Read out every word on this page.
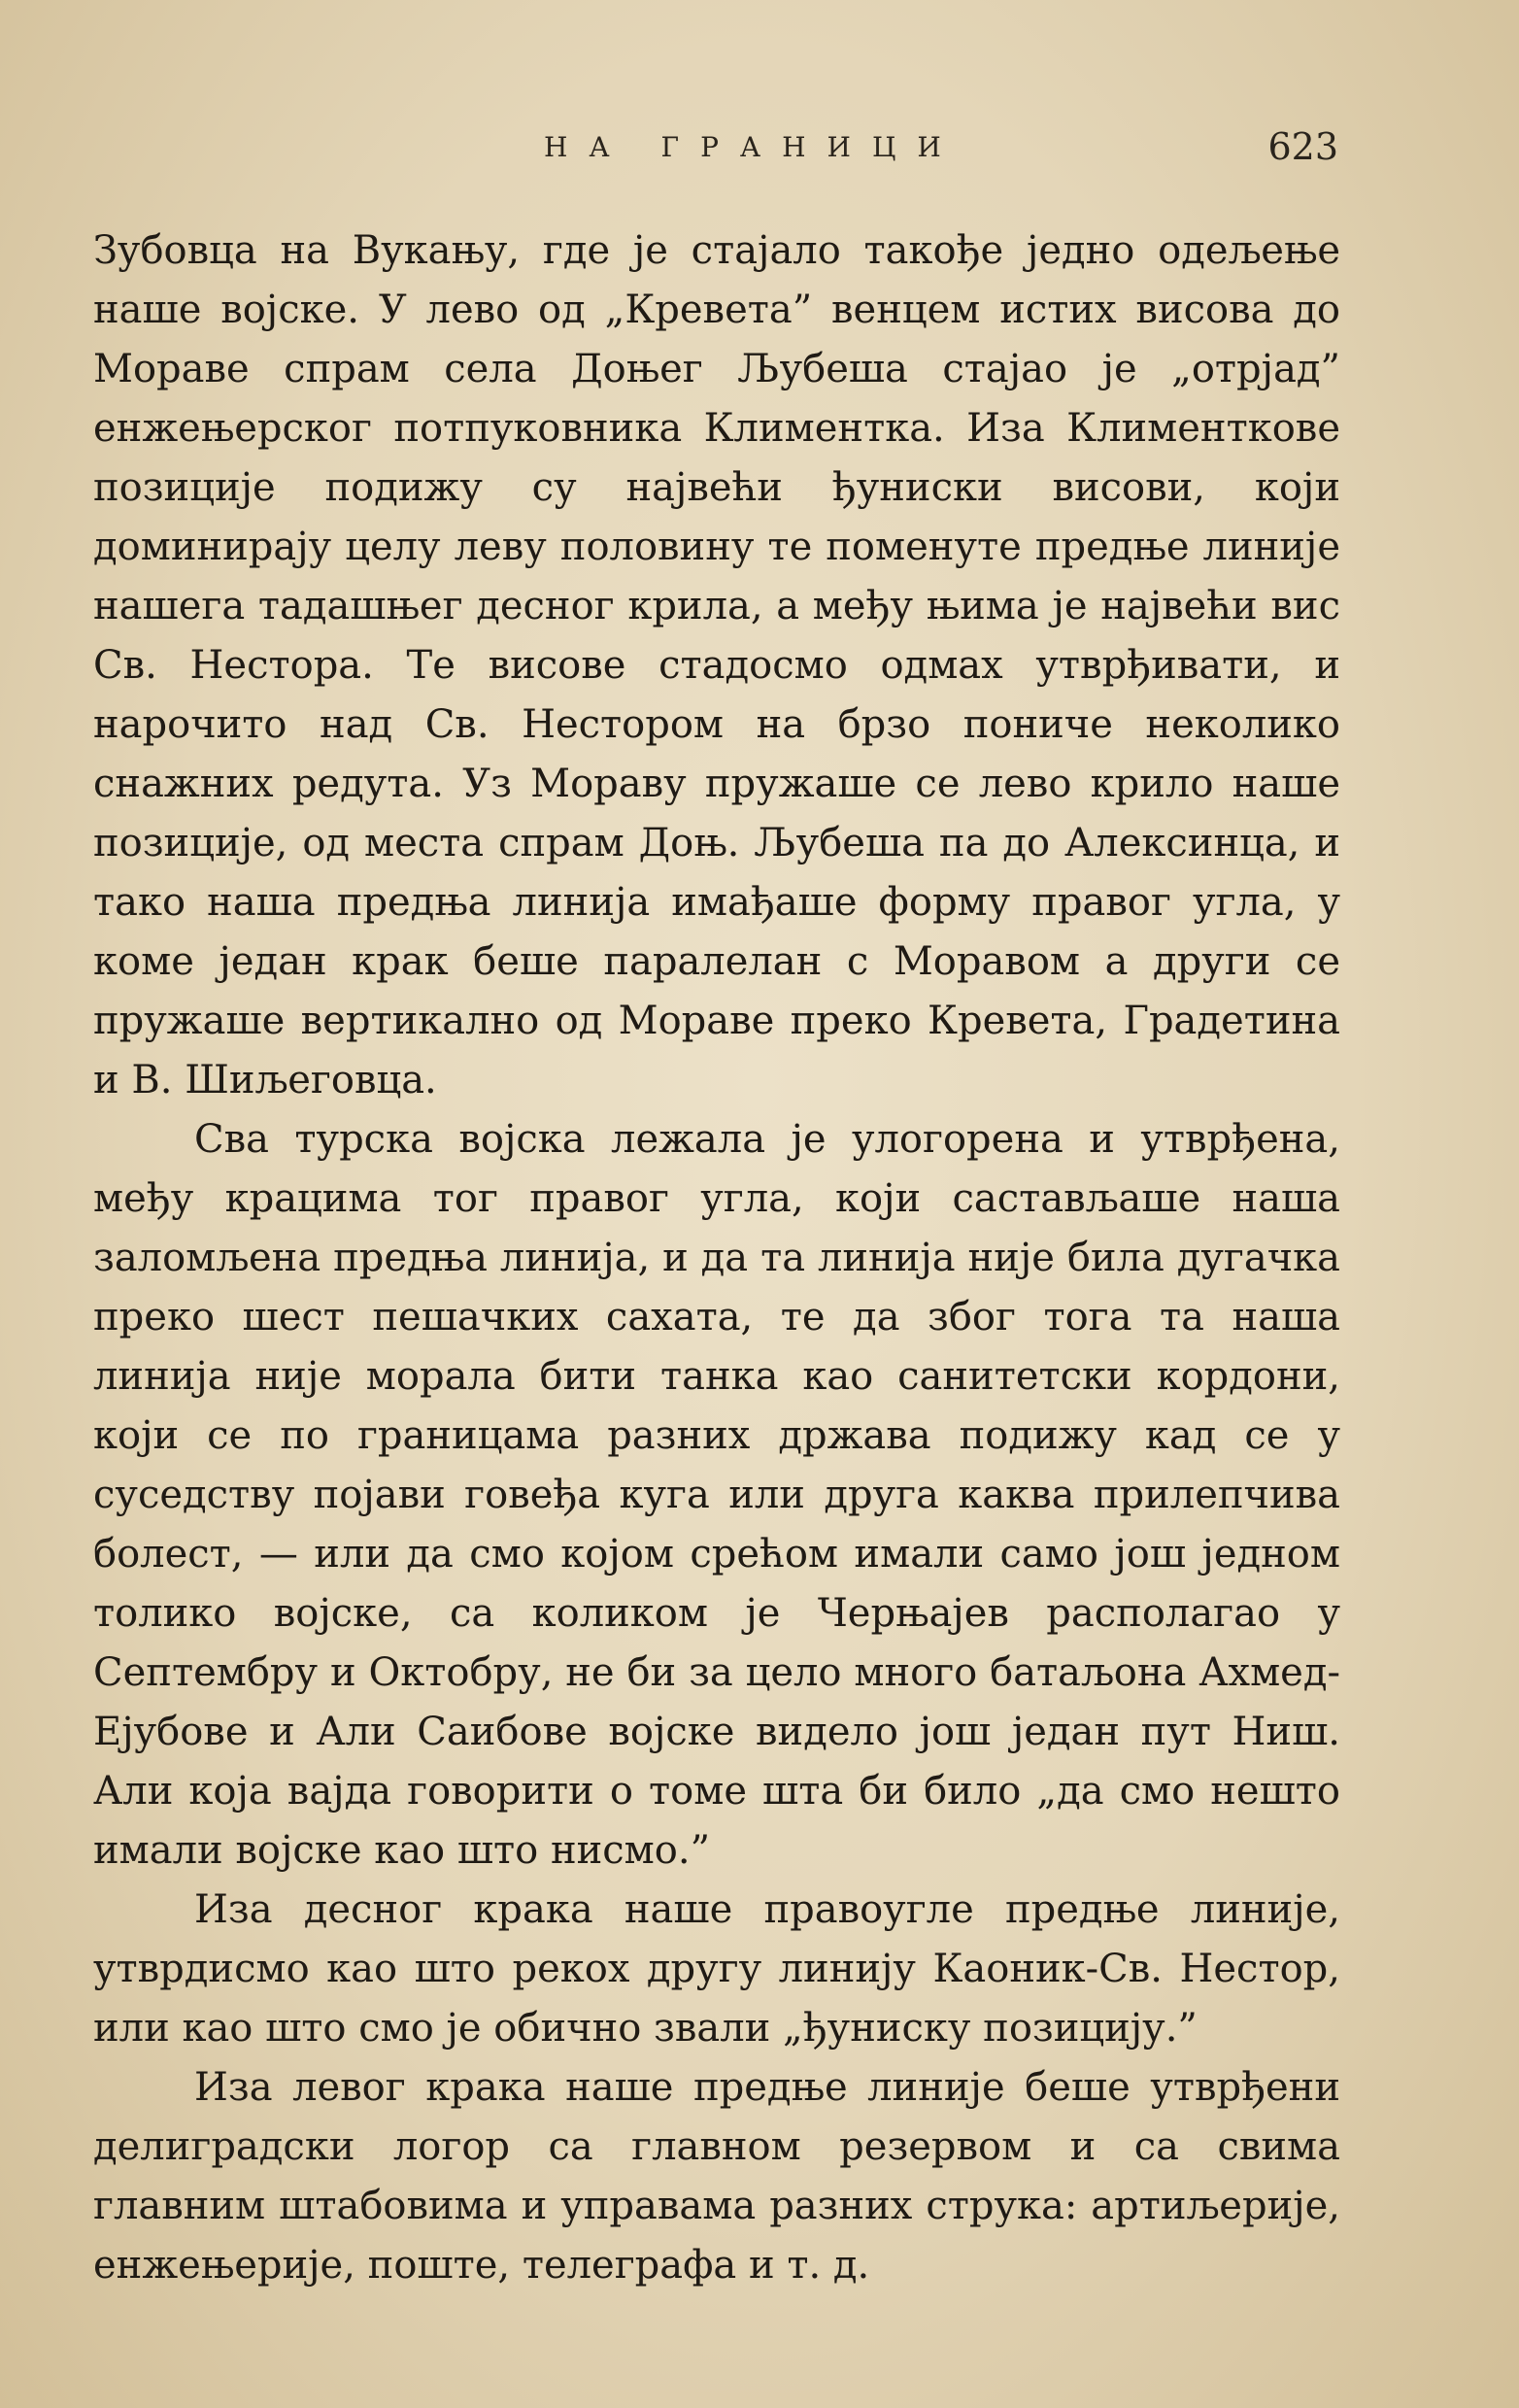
НА ГРАНИЦИ	623

Зубовца на Вукању, где је стајало такође једно одељење наше војске. У лево од „Кревета” венцем истих висова до Мораве спрам села Доњег Љубеша стајао је „отрјад” енжењерског потпуковника Климентка. Иза Климентковe позиције подижу су највећи ђуниски висови, који доминирају целу леву половину те поменуте предње линије нашега тадашњег десног крила, а међу њима је највећи вис Св. Нестора. Те висове стадосмо одмах утврђивати, и нарочито над Св. Нестором на брзо пониче неколико снажних редута. Уз Мораву пружаше се лево крило наше позиције, од места спрам Доњ. Љубеша па до Алексинца, и тако наша предња линија имађаше форму правог угла, у коме један крак беше паралелан с Моравом а други се пружаше вертикално од Мораве преко Кревета, Градетина и В. Шиљеговца.

Сва турска војска лежала је улогорена и утврђена, међу крацима тог правог угла, који састављаше наша заломљена предња линија, и да та линија није била дугачка преко шест пешачких сахата, те да због тога та наша линија није морала бити танка као санитетски кордони, који се по границама разних држава подижу кад се у суседству појави говеђа куга или друга каква прилепчива болест, — или да смо којом срећом имали само још једном толико војске, са коликом је Черњајев располагао у Септембру и Октобру, не би за цело много батаљона Ахмед-Ејубове и Али Саибове војске видело још један пут Ниш. Али која вајда говорити о томе шта би било „да смо нешто имали војске као што нисмо.”

Иза десног крака наше правоугле предње линије, утврдисмо као што рекох другу линију Каоник-Св. Нестор, или као што смо је обично звали „ђуниску позицију.”

Иза левог крака наше предње линије беше утврђени делиградски логор са главном резервом и са свима главним штабовима и управама разних струка: артиљерије, енжењерије, поште, телеграфа и т. д.
